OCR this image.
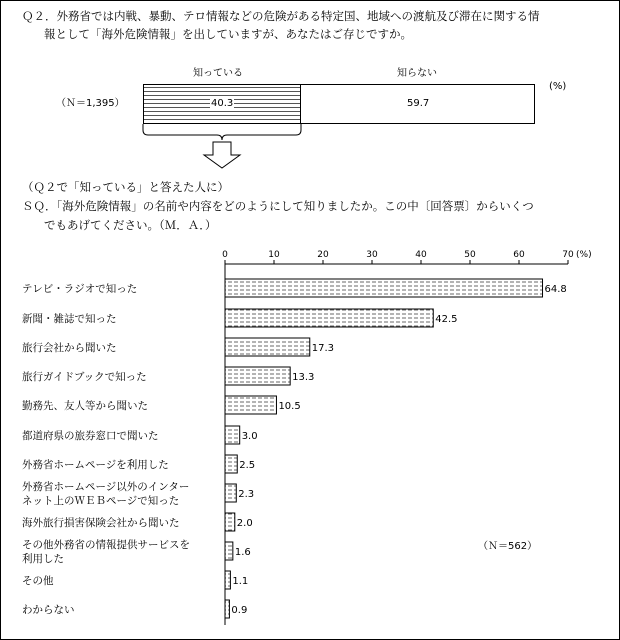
Ｑ２．外務省では内戦、暴動、テロ情報などの危険がある特定国、地域への渡航及び滞在に関する情
報として「海外危険情報」を出していますが、あなたはご存じですか。
知っている	知らない
(%)
（Ｎ＝1,395）	40.3	59.7
（Ｑ２で「知っている」と答えた人に）
ＳＱ．「海外危険情報」の名前や内容をどのようにして知りましたか。この中〔回答票〕からいくつ
でもあげてください。（Ｍ．Ａ．）
0	10	20	30	40	50	60	70 (%)
64.8
テレビ・ラジオで知った
42.5
新聞・雑誌で知った
17.3
旅行会社から聞いた
13.3
旅行ガイドブックで知った
10.5
勤務先、友人等から聞いた
3.0
都道府県の旅券窓口で聞いた
2.5
外務省ホームページを利用した
2.3
外務省ホームページ以外のインター
ネット上のＷＥＢページで知った
2.0
海外旅行損害保険会社から聞いた
1.6
その他外務省の情報提供サービスを
利用した
1.1
その他
0.9
わからない
（Ｎ＝562）
